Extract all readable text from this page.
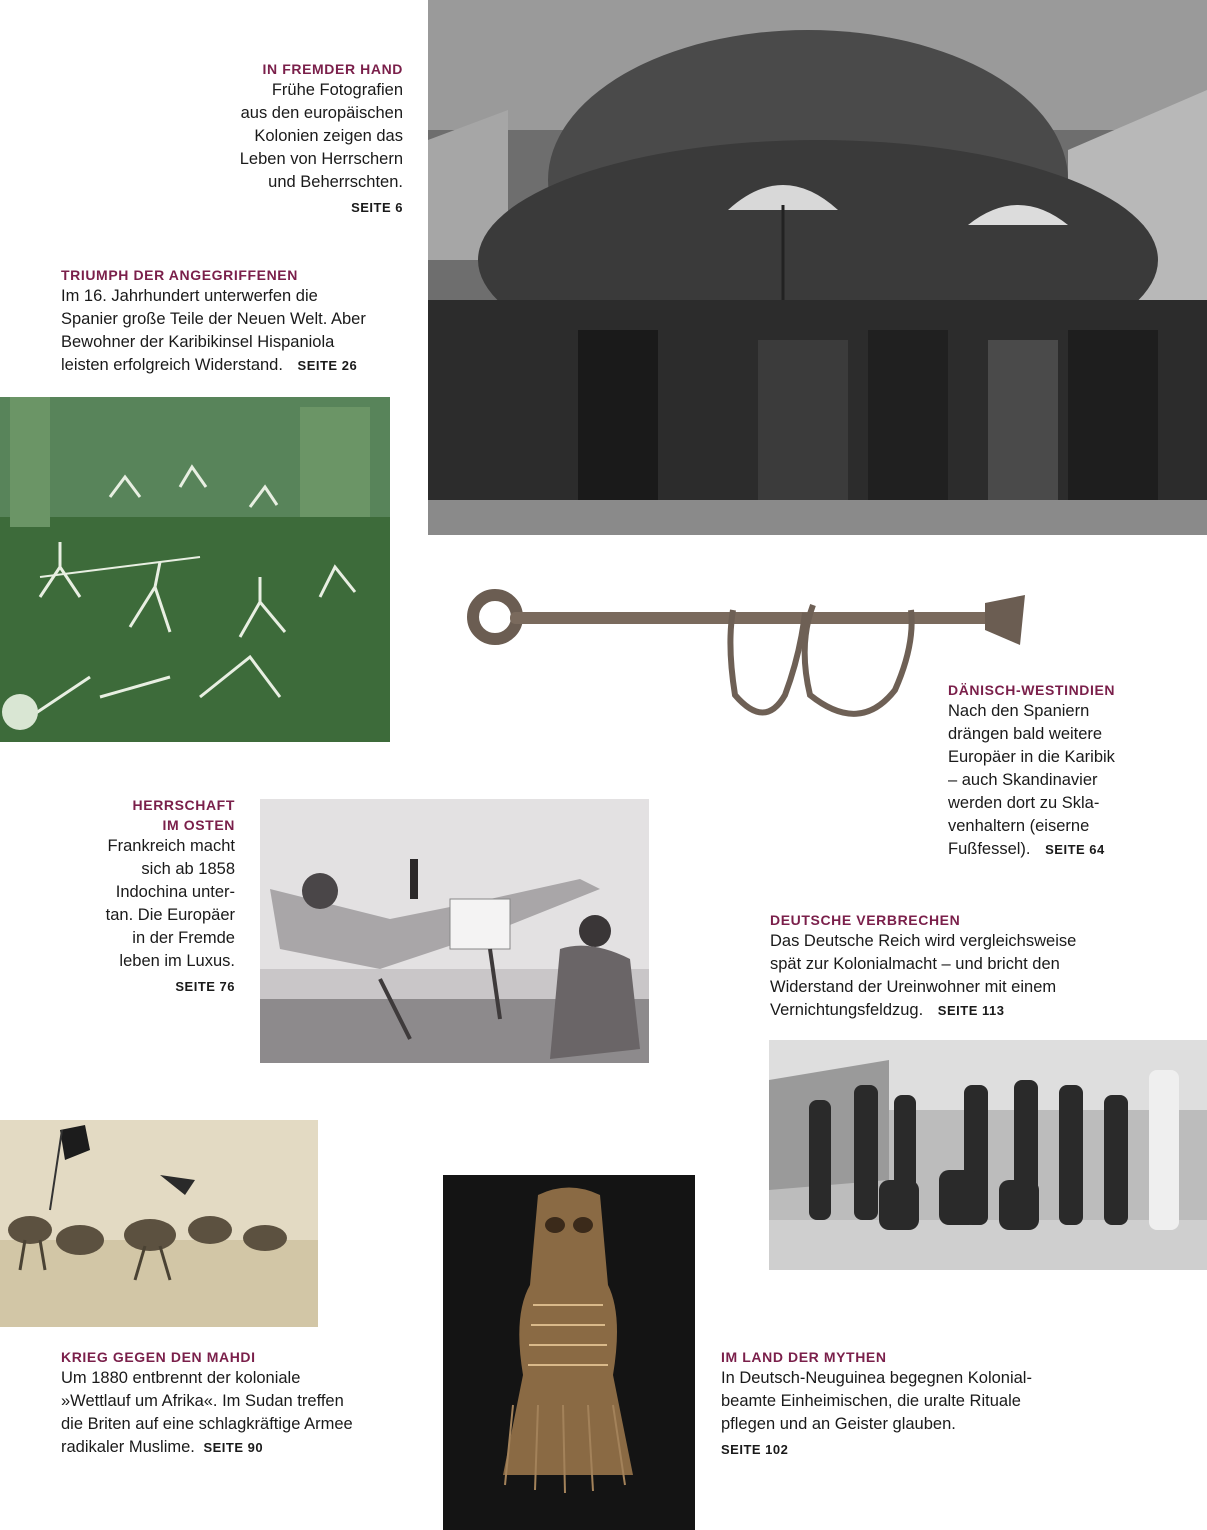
IN FREMDER HAND
Frühe Fotografien
aus den europäischen
Kolonien zeigen das
Leben von Herrschern
und Beherrschten.
SEITE 6
TRIUMPH DER ANGEGRIFFENEN
Im 16. Jahrhundert unterwerfen die
Spanier große Teile der Neuen Welt. Aber
Bewohner der Karibikinsel Hispaniola
leisten erfolgreich Widerstand. SEITE 26
DÄNISCH-WESTINDIEN
Nach den Spaniern
drängen bald weitere
Europäer in die Karibik
– auch Skandinavier
werden dort zu Skla-
venhaltern (eiserne
Fußfessel). SEITE 64
HERRSCHAFT
IM OSTEN
Frankreich macht
sich ab 1858
Indochina unter-
tan. Die Europäer
in der Fremde
leben im Luxus.
SEITE 76
DEUTSCHE VERBRECHEN
Das Deutsche Reich wird vergleichsweise
spät zur Kolonialmacht – und bricht den
Widerstand der Ureinwohner mit einem
Vernichtungsfeldzug. SEITE 113
KRIEG GEGEN DEN MAHDI
Um 1880 entbrennt der koloniale
»Wettlauf um Afrika«. Im Sudan treffen
die Briten auf eine schlagkräftige Armee
radikaler Muslime. SEITE 90
IM LAND DER MYTHEN
In Deutsch-Neuguinea begegnen Kolonial-
beamte Einheimischen, die uralte Rituale
pflegen und an Geister glauben.
SEITE 102
